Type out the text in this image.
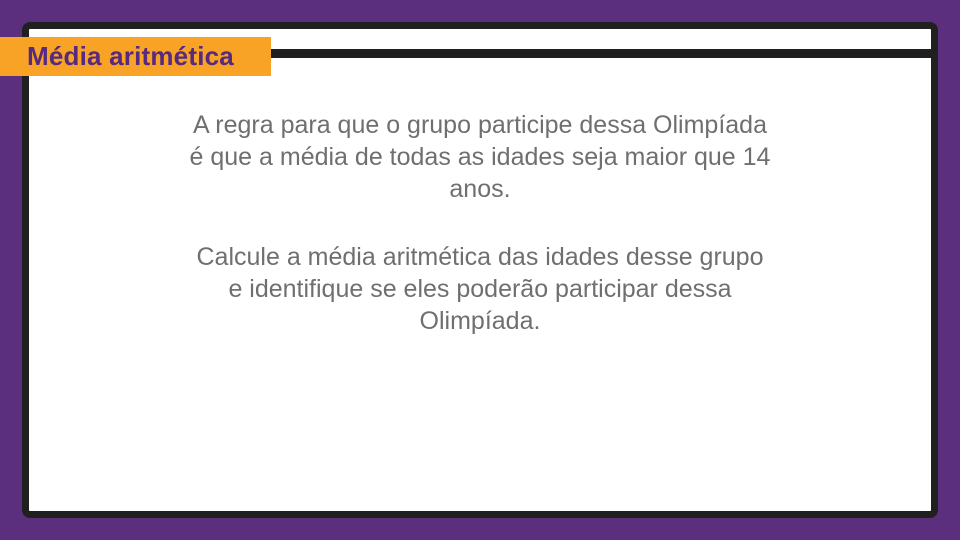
Média aritmética

A regra para que o grupo participe dessa Olimpíada
é que a média de todas as idades seja maior que 14
anos.

Calcule a média aritmética das idades desse grupo
e identifique se eles poderão participar dessa
Olimpíada.
